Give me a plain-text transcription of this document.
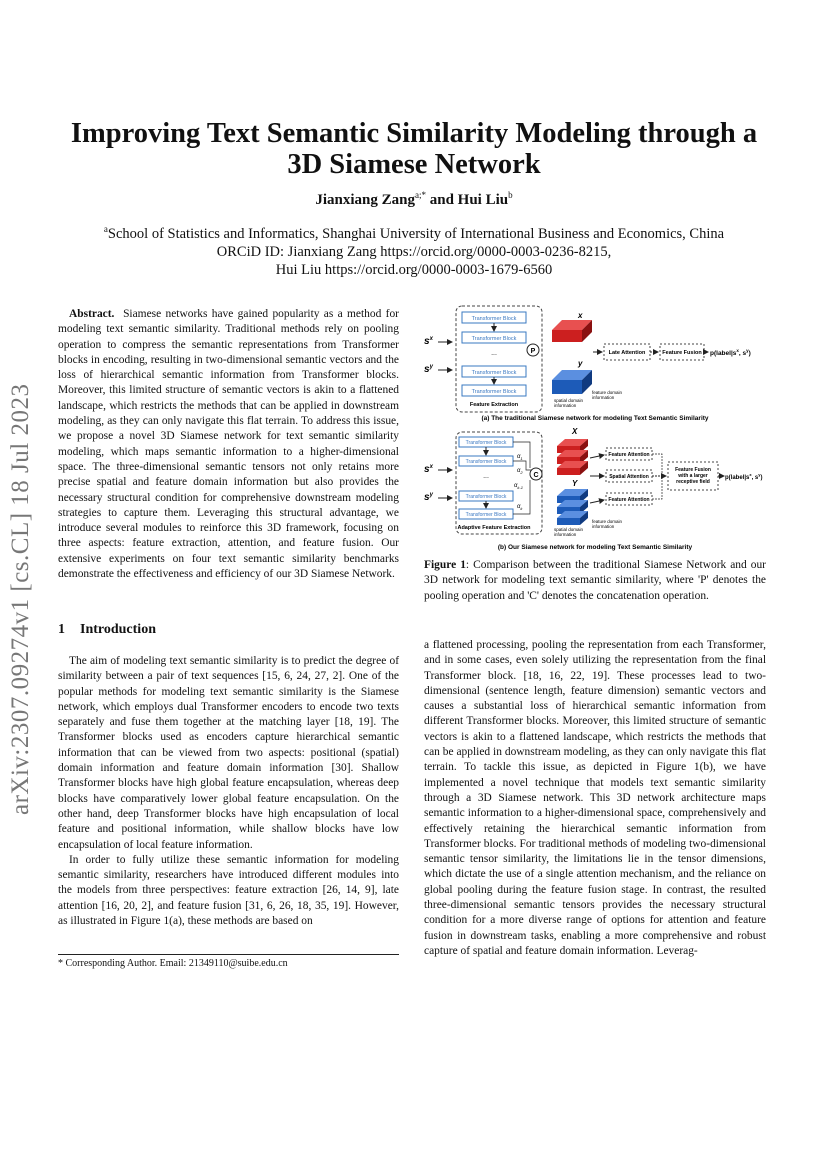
arXiv:2307.09274v1 [cs.CL] 18 Jul 2023
Improving Text Semantic Similarity Modeling through a
3D Siamese Network
Jianxiang Zang$^{a;*}$ and Hui Liu$^b$
$^a$School of Statistics and Informatics, Shanghai University of International Business and Economics, China
ORCiD ID: Jianxiang Zang https://orcid.org/0000-0003-0236-8215,
Hui Liu https://orcid.org/0000-0003-1679-6560

Abstract. Siamese networks have gained popularity as a method for modeling text semantic similarity. Traditional methods rely on pooling operation to compress the semantic representations from Transformer blocks in encoding, resulting in two-dimensional semantic vectors and the loss of hierarchical semantic information from Transformer blocks. Moreover, this limited structure of semantic vectors is akin to a flattened landscape, which restricts the methods that can be applied in downstream modeling, as they can only navigate this flat terrain. To address this issue, we propose a novel 3D Siamese network for text semantic similarity modeling, which maps semantic information to a higher-dimensional space. The three-dimensional semantic tensors not only retains more precise spatial and feature domain information but also provides the necessary structural condition for comprehensive downstream modeling strategies to capture them. Leveraging this structural advantage, we introduce several modules to reinforce this 3D framework, focusing on three aspects: feature extraction, attention, and feature fusion. Our extensive experiments on four text semantic similarity benchmarks demonstrate the effectiveness and efficiency of our 3D Siamese Network.

1 Introduction

The aim of modeling text semantic similarity is to predict the degree of similarity between a pair of text sequences [15, 6, 24, 27, 2]. One of the popular methods for modeling text semantic similarity is the Siamese network, which employs dual Transformer encoders to encode two texts separately and fuse them together at the matching layer [18, 19]. The Transformer blocks used as encoders capture hierarchical semantic information that can be viewed from two aspects: positional (spatial) domain information and feature domain information [30]. Shallow Transformer blocks have high global feature encapsulation, whereas deep blocks have comparatively lower global feature encapsulation. On the other hand, deep Transformer blocks have high encapsulation of local feature and positional information, while shallow blocks have low encapsulation of local feature information.

In order to fully utilize these semantic information for modeling semantic similarity, researchers have introduced different modules into the models from three perspectives: feature extraction [26, 14, 9], late attention [16, 20, 2], and feature fusion [31, 6, 26, 18, 35, 19]. However, as illustrated in Figure 1(a), these methods are based on

* Corresponding Author. Email: 21349110@suibe.edu.cn
Transformer Block
Transformer Block
...
Transformer Block
Transformer Block
Feature Extraction
$s^x$
$s^y$
P
x
y
spatial domain
information
feature domain
information
Late Attention	Feature Fusion $p(label|s^x$, $s^y$)
(a) The traditional Siamese network for modeling Text Semantic Similarity
Transformer Block
Transformer Block
...
Transformer Block
Transformer Block
Adaptive Feature Extraction
$\alpha_1$
$\alpha_2$
$\alpha_{k-1}$
$\alpha_k$
$s^x$
$s^y$
C
X
Y
spatial domain
information
feature domain
information
Feature Attention
Spatial Attention
Feature Attention
Feature Fusion
with a larger
receptive field
$p(label|s^x$, $s^y$)
(b) Our Siamese network for modeling Text Semantic Similarity
Figure 1: Comparison between the traditional Siamese Network and our 3D network for modeling text semantic similarity, where 'P' denotes the pooling operation and 'C' denotes the concatenation operation.

a flattened processing, pooling the representation from each Transformer, and in some cases, even solely utilizing the representation from the final Transformer block. [18, 16, 22, 19]. These processes lead to two-dimensional (sentence length, feature dimension) semantic vectors and causes a substantial loss of hierarchical semantic information from different Transformer blocks. Moreover, this limited structure of semantic vectors is akin to a flattened landscape, which restricts the methods that can be applied in downstream modeling, as they can only navigate this flat terrain. To tackle this issue, as depicted in Figure 1(b), we have implemented a novel technique that models text semantic similarity through a 3D Siamese network. This 3D network architecture maps semantic information to a higher-dimensional space, comprehensively and effectively retaining the hierarchical semantic information from Transformer blocks. For traditional methods of modeling two-dimensional semantic tensor similarity, the limitations lie in the tensor dimensions, which dictate the use of a single attention mechanism, and the reliance on global pooling during the feature fusion stage. In contrast, the resulted three-dimensional semantic tensors provides the necessary structural condition for a more diverse range of options for attention and feature fusion in downstream tasks, enabling a more comprehensive and robust capture of spatial and feature domain information. Leverag-
